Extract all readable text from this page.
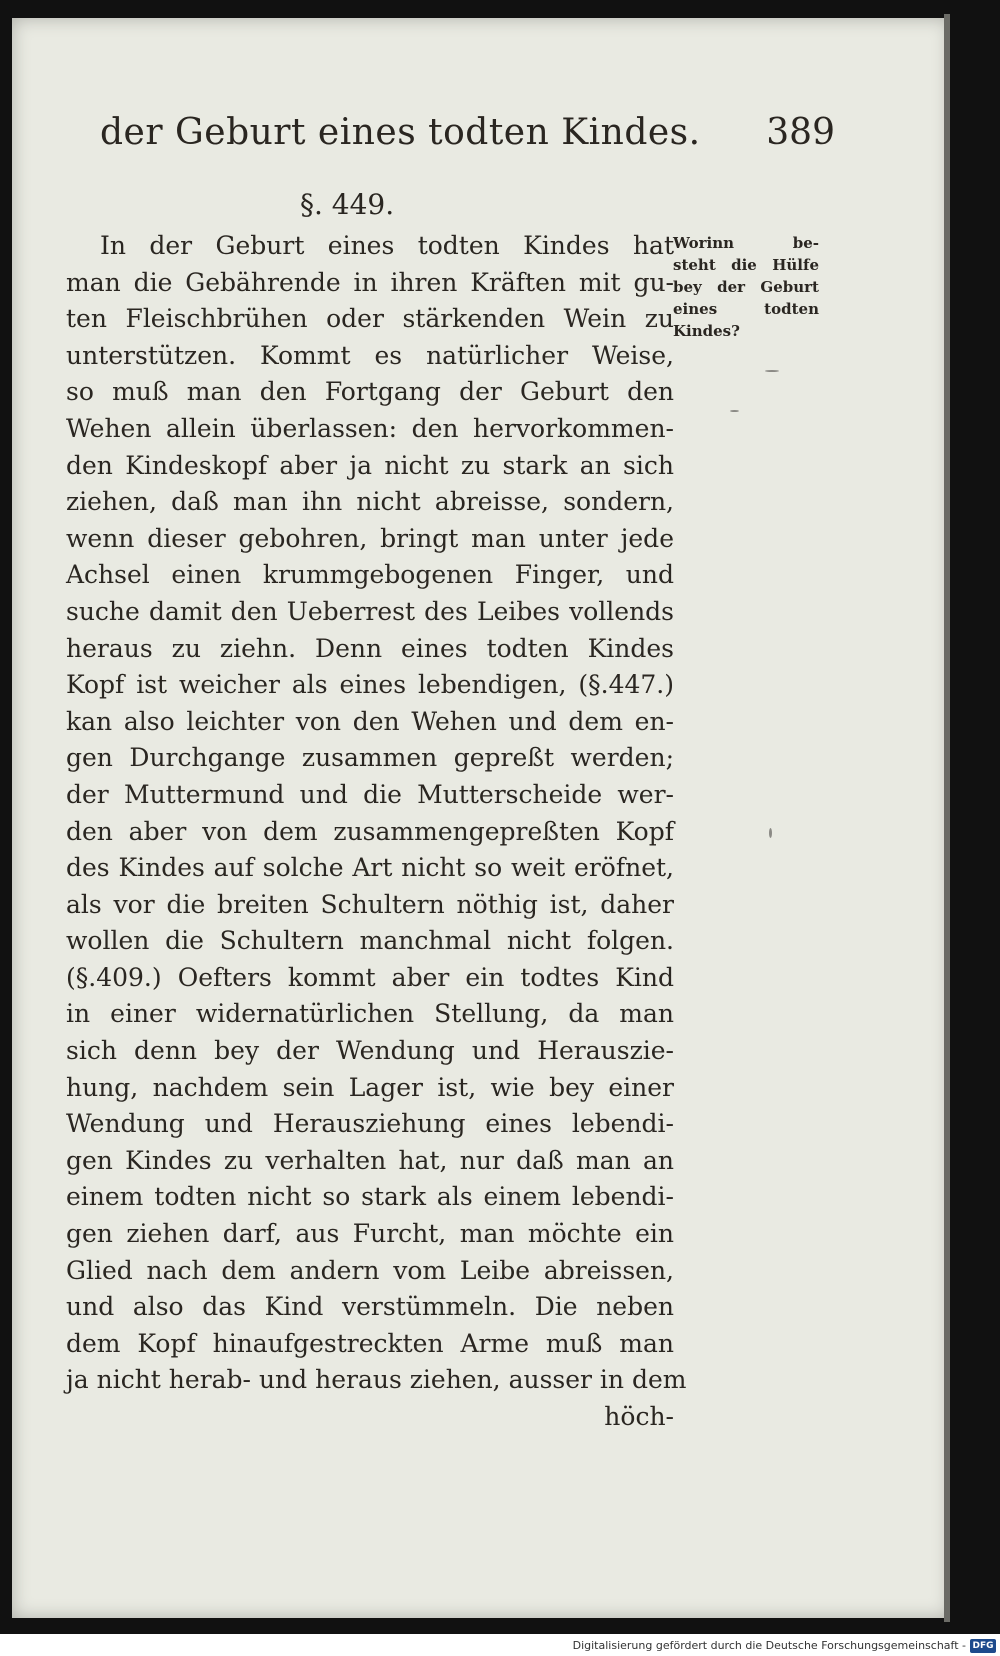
der Geburt eines todten Kindes. 389
§. 449.
In der Geburt eines todten Kindes hat
man die Gebährende in ihren Kräften mit gu-
ten Fleischbrühen oder stärkenden Wein zu
unterstützen. Kommt es natürlicher Weise,
so muß man den Fortgang der Geburt den
Wehen allein überlassen: den hervorkommen-
den Kindeskopf aber ja nicht zu stark an sich
ziehen, daß man ihn nicht abreisse, sondern,
wenn dieser gebohren, bringt man unter jede
Achsel einen krummgebogenen Finger, und
suche damit den Ueberrest des Leibes vollends
heraus zu ziehn. Denn eines todten Kindes
Kopf ist weicher als eines lebendigen, (§.447.)
kan also leichter von den Wehen und dem en-
gen Durchgange zusammen gepreßt werden;
der Muttermund und die Mutterscheide wer-
den aber von dem zusammengepreßten Kopf
des Kindes auf solche Art nicht so weit eröfnet,
als vor die breiten Schultern nöthig ist, daher
wollen die Schultern manchmal nicht folgen.
(§.409.) Oefters kommt aber ein todtes Kind
in einer widernatürlichen Stellung, da man
sich denn bey der Wendung und Herauszie-
hung, nachdem sein Lager ist, wie bey einer
Wendung und Herausziehung eines lebendi-
gen Kindes zu verhalten hat, nur daß man an
einem todten nicht so stark als einem lebendi-
gen ziehen darf, aus Furcht, man möchte ein
Glied nach dem andern vom Leibe abreissen,
und also das Kind verstümmeln. Die neben
dem Kopf hinaufgestreckten Arme muß man
ja nicht herab- und heraus ziehen, ausser in dem
höch-
Worinn be-
steht die Hülfe
bey der Geburt
eines todten
Kindes?
Digitalisierung gefördert durch die Deutsche Forschungsgemeinschaft - DFG
